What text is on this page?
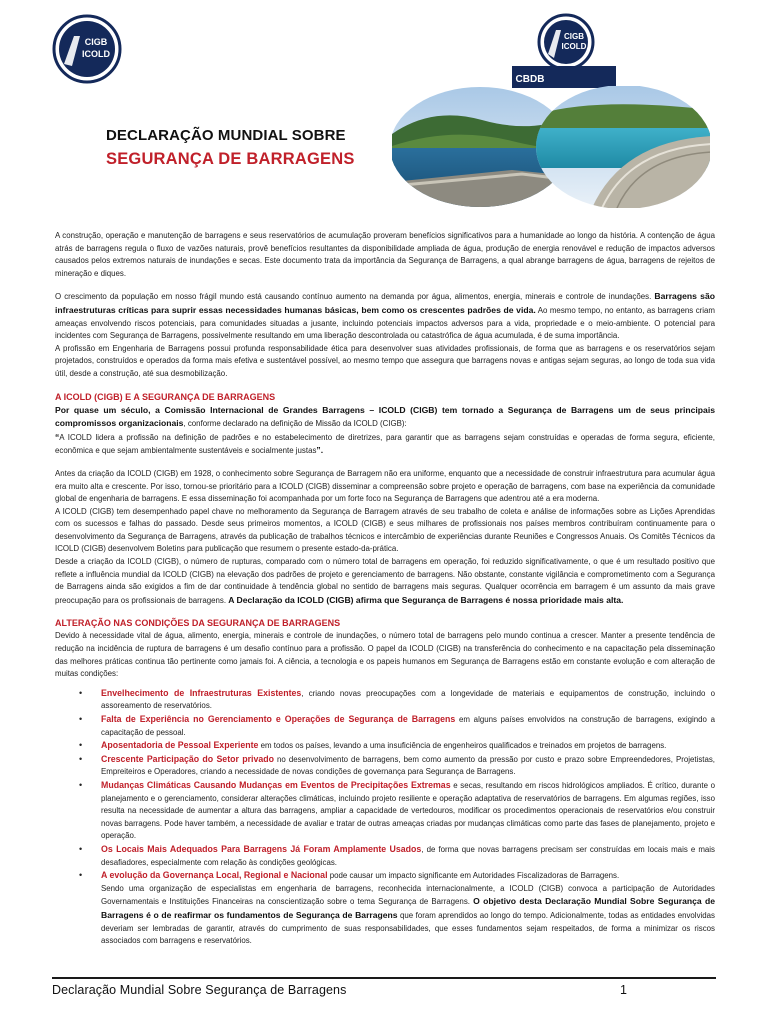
CIGB
ICOLD
CIGB
ICOLD
CBDB
DECLARAÇÃO MUNDIAL SOBRE
SEGURANÇA DE BARRAGENS

A construção, operação e manutenção de barragens e seus reservatórios de acumulação proveram benefícios significativos para a humanidade ao longo da história. A contenção de água atrás de barragens regula o fluxo de vazões naturais, provê benefícios resultantes da disponibilidade ampliada de água, produção de energia renovável e redução de impactos adversos causados pelos extremos naturais de inundações e secas. Este documento trata da importância da Segurança de Barragens, a qual abrange barragens de água, barragens de rejeitos de mineração e diques.

O crescimento da população em nosso frágil mundo está causando contínuo aumento na demanda por água, alimentos, energia, minerais e controle de inundações. Barragens são infraestruturas críticas para suprir essas necessidades humanas básicas, bem como os crescentes padrões de vida. Ao mesmo tempo, no entanto, as barragens criam ameaças envolvendo riscos potenciais, para comunidades situadas a jusante, incluindo potenciais impactos adversos para a vida, propriedade e o meio-ambiente. O potencial para incidentes com Segurança de Barragens, possivelmente resultando em uma liberação descontrolada ou catastrófica de água acumulada, é de suma importância.

A profissão em Engenharia de Barragens possui profunda responsabilidade ética para desenvolver suas atividades profissionais, de forma que as barragens e os reservatórios sejam projetados, construídos e operados da forma mais efetiva e sustentável possível, ao mesmo tempo que assegura que barragens novas e antigas sejam seguras, ao longo de toda sua vida útil, desde a construção, até sua desmobilização.

A ICOLD (CIGB) E A SEGURANÇA DE BARRAGENS

Por quase um século, a Comissão Internacional de Grandes Barragens – ICOLD (CIGB) tem tornado a Segurança de Barragens um de seus principais compromissos organizacionais, conforme declarado na definição de Missão da ICOLD (CIGB):

“A ICOLD lidera a profissão na definição de padrões e no estabelecimento de diretrizes, para garantir que as barragens sejam construídas e operadas de forma segura, eficiente, econômica e que sejam ambientalmente sustentáveis e socialmente justas”.

Antes da criação da ICOLD (CIGB) em 1928, o conhecimento sobre Segurança de Barragem não era uniforme, enquanto que a necessidade de construir infraestrutura para acumular água era muito alta e crescente. Por isso, tornou-se prioritário para a ICOLD (CIGB) disseminar a compreensão sobre projeto e operação de barragens, com base na experiência da comunidade global de engenharia de barragens. E essa disseminação foi acompanhada por um forte foco na Segurança de Barragens que adentrou até a era moderna.

A ICOLD (CIGB) tem desempenhado papel chave no melhoramento da Segurança de Barragem através de seu trabalho de coleta e análise de informações sobre as Lições Aprendidas com os sucessos e falhas do passado. Desde seus primeiros momentos, a ICOLD (CIGB) e seus milhares de profissionais nos países membros contribuíram continuamente para o desenvolvimento da Segurança de Barragens, através da publicação de trabalhos técnicos e intercâmbio de experiências durante Reuniões e Congressos Anuais. Os Comitês Técnicos da ICOLD (CIGB) desenvolvem Boletins para publicação que resumem o presente estado-da-prática.

Desde a criação da ICOLD (CIGB), o número de rupturas, comparado com o número total de barragens em operação, foi reduzido significativamente, o que é um resultado positivo que reflete a influência mundial da ICOLD (CIGB) na elevação dos padrões de projeto e gerenciamento de barragens. Não obstante, constante vigilância e comprometimento com a Segurança de Barragens ainda são exigidos a fim de dar continuidade à tendência global no sentido de barragens mais seguras. Qualquer ocorrência em barragem é um assunto da mais grave preocupação para os profissionais de barragens. A Declaração da ICOLD (CIGB) afirma que Segurança de Barragens é nossa prioridade mais alta.

ALTERAÇÃO NAS CONDIÇÕES DA SEGURANÇA DE BARRAGENS

Devido à necessidade vital de água, alimento, energia, minerais e controle de inundações, o número total de barragens pelo mundo continua a crescer. Manter a presente tendência de redução na incidência de ruptura de barragens é um desafio contínuo para a profissão. O papel da ICOLD (CIGB) na transferência do conhecimento e na capacitação pela disseminação das melhores práticas continua tão pertinente como jamais foi. A ciência, a tecnologia e os papeis humanos em Segurança de Barragens estão em constante evolução e com alteração de muitas condições:

• Envelhecimento de Infraestruturas Existentes, criando novas preocupações com a longevidade de materiais e equipamentos de construção, incluindo o assoreamento de reservatórios.
• Falta de Experiência no Gerenciamento e Operações de Segurança de Barragens em alguns países envolvidos na construção de barragens, exigindo a capacitação de pessoal.
• Aposentadoria de Pessoal Experiente em todos os países, levando a uma insuficiência de engenheiros qualificados e treinados em projetos de barragens.
• Crescente Participação do Setor privado no desenvolvimento de barragens, bem como aumento da pressão por custo e prazo sobre Empreendedores, Projetistas, Empreiteiros e Operadores, criando a necessidade de novas condições de governança para Segurança de Barragens.
• Mudanças Climáticas Causando Mudanças em Eventos de Precipitações Extremas e secas, resultando em riscos hidrológicos ampliados. É crítico, durante o planejamento e o gerenciamento, considerar alterações climáticas, incluindo projeto resiliente e operação adaptativa de reservatórios de barragens. Em algumas regiões, isso resulta na necessidade de aumentar a altura das barragens, ampliar a capacidade de vertedouros, modificar os procedimentos operacionais de reservatórios e/ou construir novas barragens. Pode haver também, a necessidade de avaliar e tratar de outras ameaças criadas por mudanças climáticas como parte das fases de planejamento, projeto e operação.
• Os Locais Mais Adequados Para Barragens Já Foram Amplamente Usados, de forma que novas barragens precisam ser construídas em locais mais e mais desafiadores, especialmente com relação às condições geológicas.
• A evolução da Governança Local, Regional e Nacional pode causar um impacto significante em Autoridades Fiscalizadoras de Barragens.

Sendo uma organização de especialistas em engenharia de barragens, reconhecida internacionalmente, a ICOLD (CIGB) convoca a participação de Autoridades Governamentais e Instituições Financeiras na conscientização sobre o tema Segurança de Barragens. O objetivo desta Declaração Mundial Sobre Segurança de Barragens é o de reafirmar os fundamentos de Segurança de Barragens que foram aprendidos ao longo do tempo. Adicionalmente, todas as entidades envolvidas deveriam ser lembradas de garantir, através do cumprimento de suas responsabilidades, que esses fundamentos sejam respeitados, de forma a minimizar os riscos associados com barragens e reservatórios.

Declaração Mundial Sobre Segurança de Barragens	1
